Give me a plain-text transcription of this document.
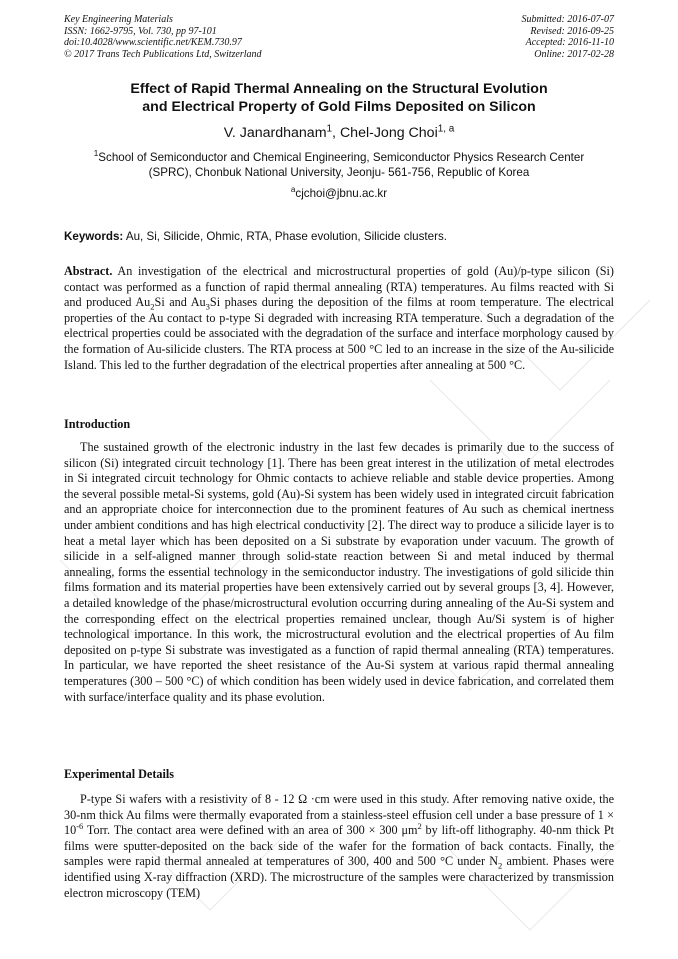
Key Engineering Materials
ISSN: 1662-9795, Vol. 730, pp 97-101
doi:10.4028/www.scientific.net/KEM.730.97
© 2017 Trans Tech Publications Ltd, Switzerland
Submitted: 2016-07-07
Revised: 2016-09-25
Accepted: 2016-11-10
Online: 2017-02-28
Effect of Rapid Thermal Annealing on the Structural Evolution
and Electrical Property of Gold Films Deposited on Silicon
V. Janardhanam$^1$, Chel-Jong Choi$^{1, a}$
$^1$School of Semiconductor and Chemical Engineering, Semiconductor Physics Research Center
(SPRC), Chonbuk National University, Jeonju- 561-756, Republic of Korea
$^a$cjchoi@jbnu.ac.kr
Keywords: Au, Si, Silicide, Ohmic, RTA, Phase evolution, Silicide clusters.
Abstract. An investigation of the electrical and microstructural properties of gold (Au)/p-type silicon (Si) contact was performed as a function of rapid thermal annealing (RTA) temperatures. Au films reacted with Si and produced $Au_2Si$ and $Au_3Si$ phases during the deposition of the films at room temperature. The electrical properties of the Au contact to p-type Si degraded with increasing RTA temperature. Such a degradation of the electrical properties could be associated with the degradation of the surface and interface morphology caused by the formation of Au-silicide clusters. The RTA process at 500 °C led to an increase in the size of the Au-silicide Island. This led to the further degradation of the electrical properties after annealing at 500 °C.
Introduction
The sustained growth of the electronic industry in the last few decades is primarily due to the success of silicon (Si) integrated circuit technology [1]. There has been great interest in the utilization of metal electrodes in Si integrated circuit technology for Ohmic contacts to achieve reliable and stable device properties. Among the several possible metal-Si systems, gold (Au)-Si system has been widely used in integrated circuit fabrication and an appropriate choice for interconnection due to the prominent features of Au such as chemical inertness under ambient conditions and has high electrical conductivity [2]. The direct way to produce a silicide layer is to heat a metal layer which has been deposited on a Si substrate by evaporation under vacuum. The growth of silicide in a self-aligned manner through solid-state reaction between Si and metal induced by thermal annealing, forms the essential technology in the semiconductor industry. The investigations of gold silicide thin films formation and its material properties have been extensively carried out by several groups [3, 4]. However, a detailed knowledge of the phase/microstructural evolution occurring during annealing of the Au-Si system and the corresponding effect on the electrical properties remained unclear, though Au/Si system is of higher technological importance. In this work, the microstructural evolution and the electrical properties of Au film deposited on p-type Si substrate was investigated as a function of rapid thermal annealing (RTA) temperatures. In particular, we have reported the sheet resistance of the Au-Si system at various rapid thermal annealing temperatures (300 – 500 °C) of which condition has been widely used in device fabrication, and correlated them with surface/interface quality and its phase evolution.
Experimental Details
P-type Si wafers with a resistivity of 8 - 12 Ω ·cm were used in this study. After removing native oxide, the 30-nm thick Au films were thermally evaporated from a stainless-steel effusion cell under a base pressure of $1 \times 10^{-6}$ Torr. The contact area were defined with an area of 300 × 300 $\mu m^2$ by lift-off lithography. 40-nm thick Pt films were sputter-deposited on the back side of the wafer for the formation of back contacts. Finally, the samples were rapid thermal annealed at temperatures of 300, 400 and 500 °C under $N_2$ ambient. Phases were identified using X-ray diffraction (XRD). The microstructure of the samples were characterized by transmission electron microscopy (TEM)
